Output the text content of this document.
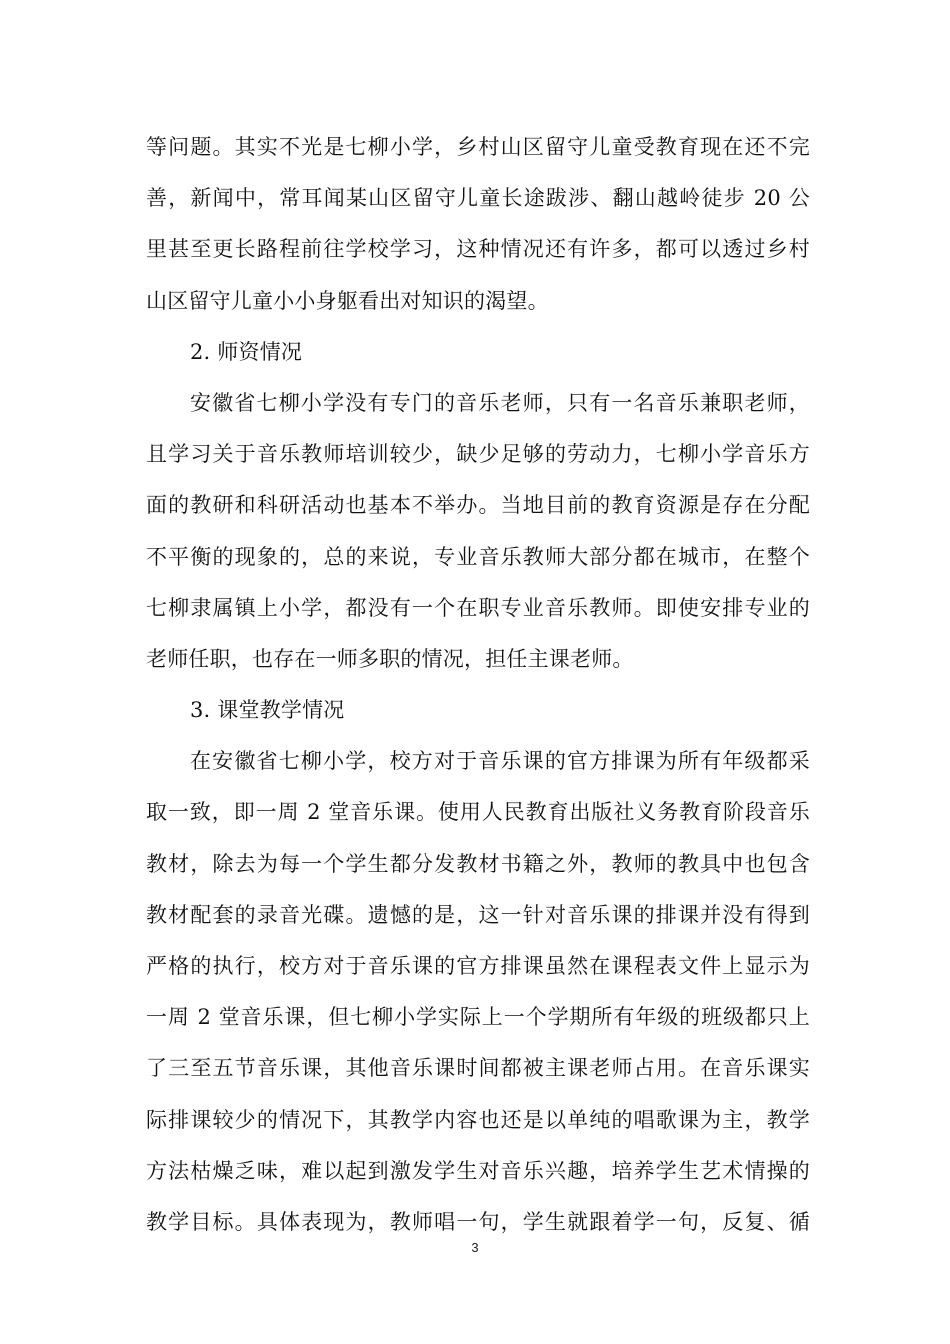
等问题。其实不光是七柳小学，乡村山区留守儿童受教育现在还不完
善，新闻中，常耳闻某山区留守儿童长途跋涉、翻山越岭徒步 20 公
里甚至更长路程前往学校学习，这种情况还有许多，都可以透过乡村
山区留守儿童小小身躯看出对知识的渴望。
2. 师资情况
安徽省七柳小学没有专门的音乐老师，只有一名音乐兼职老师，
且学习关于音乐教师培训较少，缺少足够的劳动力，七柳小学音乐方
面的教研和科研活动也基本不举办。当地目前的教育资源是存在分配
不平衡的现象的，总的来说，专业音乐教师大部分都在城市，在整个
七柳隶属镇上小学，都没有一个在职专业音乐教师。即使安排专业的
老师任职，也存在一师多职的情况，担任主课老师。
3. 课堂教学情况
在安徽省七柳小学，校方对于音乐课的官方排课为所有年级都采
取一致，即一周 2 堂音乐课。使用人民教育出版社义务教育阶段音乐
教材，除去为每一个学生都分发教材书籍之外，教师的教具中也包含
教材配套的录音光碟。遗憾的是，这一针对音乐课的排课并没有得到
严格的执行，校方对于音乐课的官方排课虽然在课程表文件上显示为
一周 2 堂音乐课，但七柳小学实际上一个学期所有年级的班级都只上
了三至五节音乐课，其他音乐课时间都被主课老师占用。在音乐课实
际排课较少的情况下，其教学内容也还是以单纯的唱歌课为主，教学
方法枯燥乏味，难以起到激发学生对音乐兴趣，培养学生艺术情操的
教学目标。具体表现为，教师唱一句，学生就跟着学一句，反复、循
3
